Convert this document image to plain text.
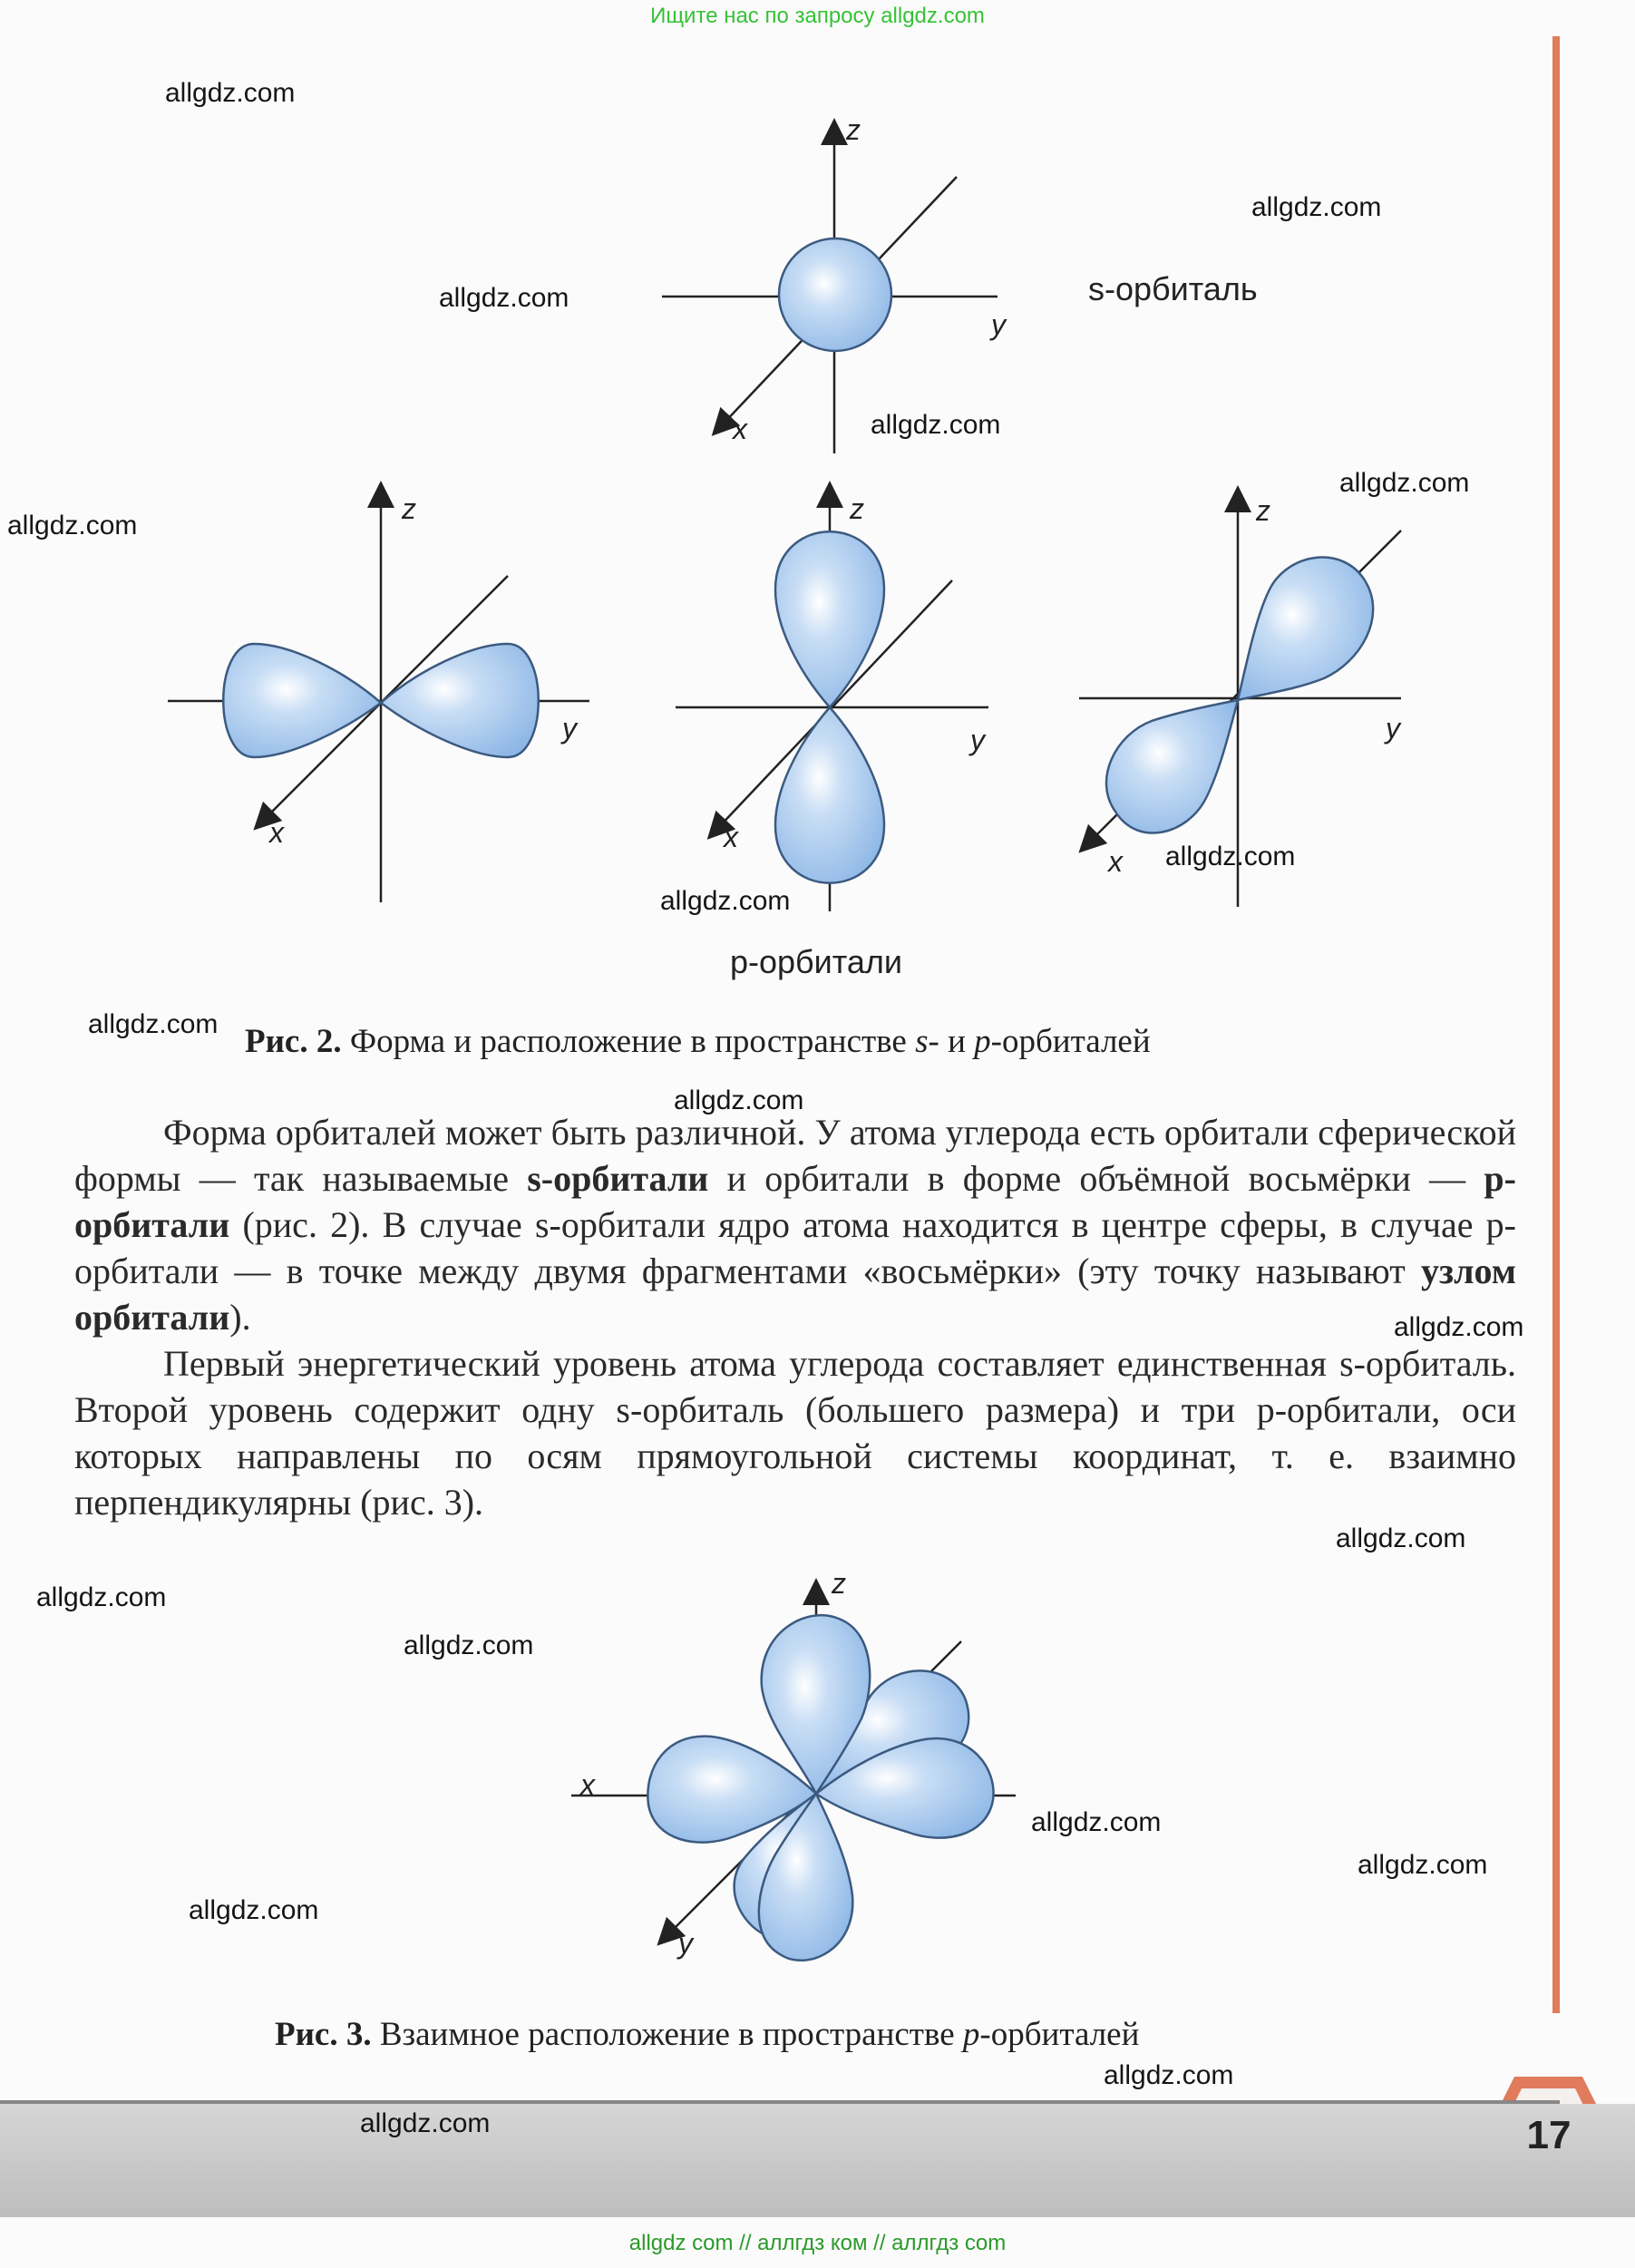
Ищите нас по запросу allgdz.com
z
y
x
s-орбиталь
z
y
x
z
y
x
z
y
x
p-орбитали
Рис. 2. Форма и расположение в пространстве s- и p-орбиталей

Форма орбиталей может быть различной. У атома углерода есть орбитали сферической формы — так называемые s-орбитали и орбитали в форме объёмной восьмёрки — p-орбитали (рис. 2). В случае s-орбитали ядро атома находится в центре сферы, в случае p-орбитали — в точке между двумя фрагментами «восьмёрки» (эту точку называют узлом орбитали).

Первый энергетический уровень атома углерода составляет единственная s-орбиталь. Второй уровень содержит одну s-орбиталь (большего размера) и три p-орбитали, оси которых направлены по осям прямоугольной системы координат, т. е. взаимно перпендикулярны (рис. 3).

z
x
y
Рис. 3. Взаимное расположение в пространстве p-орбиталей
17
allgdz.com
allgdz.com
allgdz.com
allgdz.com
allgdz.com
allgdz.com
allgdz.com
allgdz.com
allgdz.com
allgdz.com
allgdz.com
allgdz.com
allgdz.com
allgdz.com
allgdz.com
allgdz.com
allgdz.com
allgdz.com
allgdz.com
allgdz com // аллгдз ком // аллгдз com
